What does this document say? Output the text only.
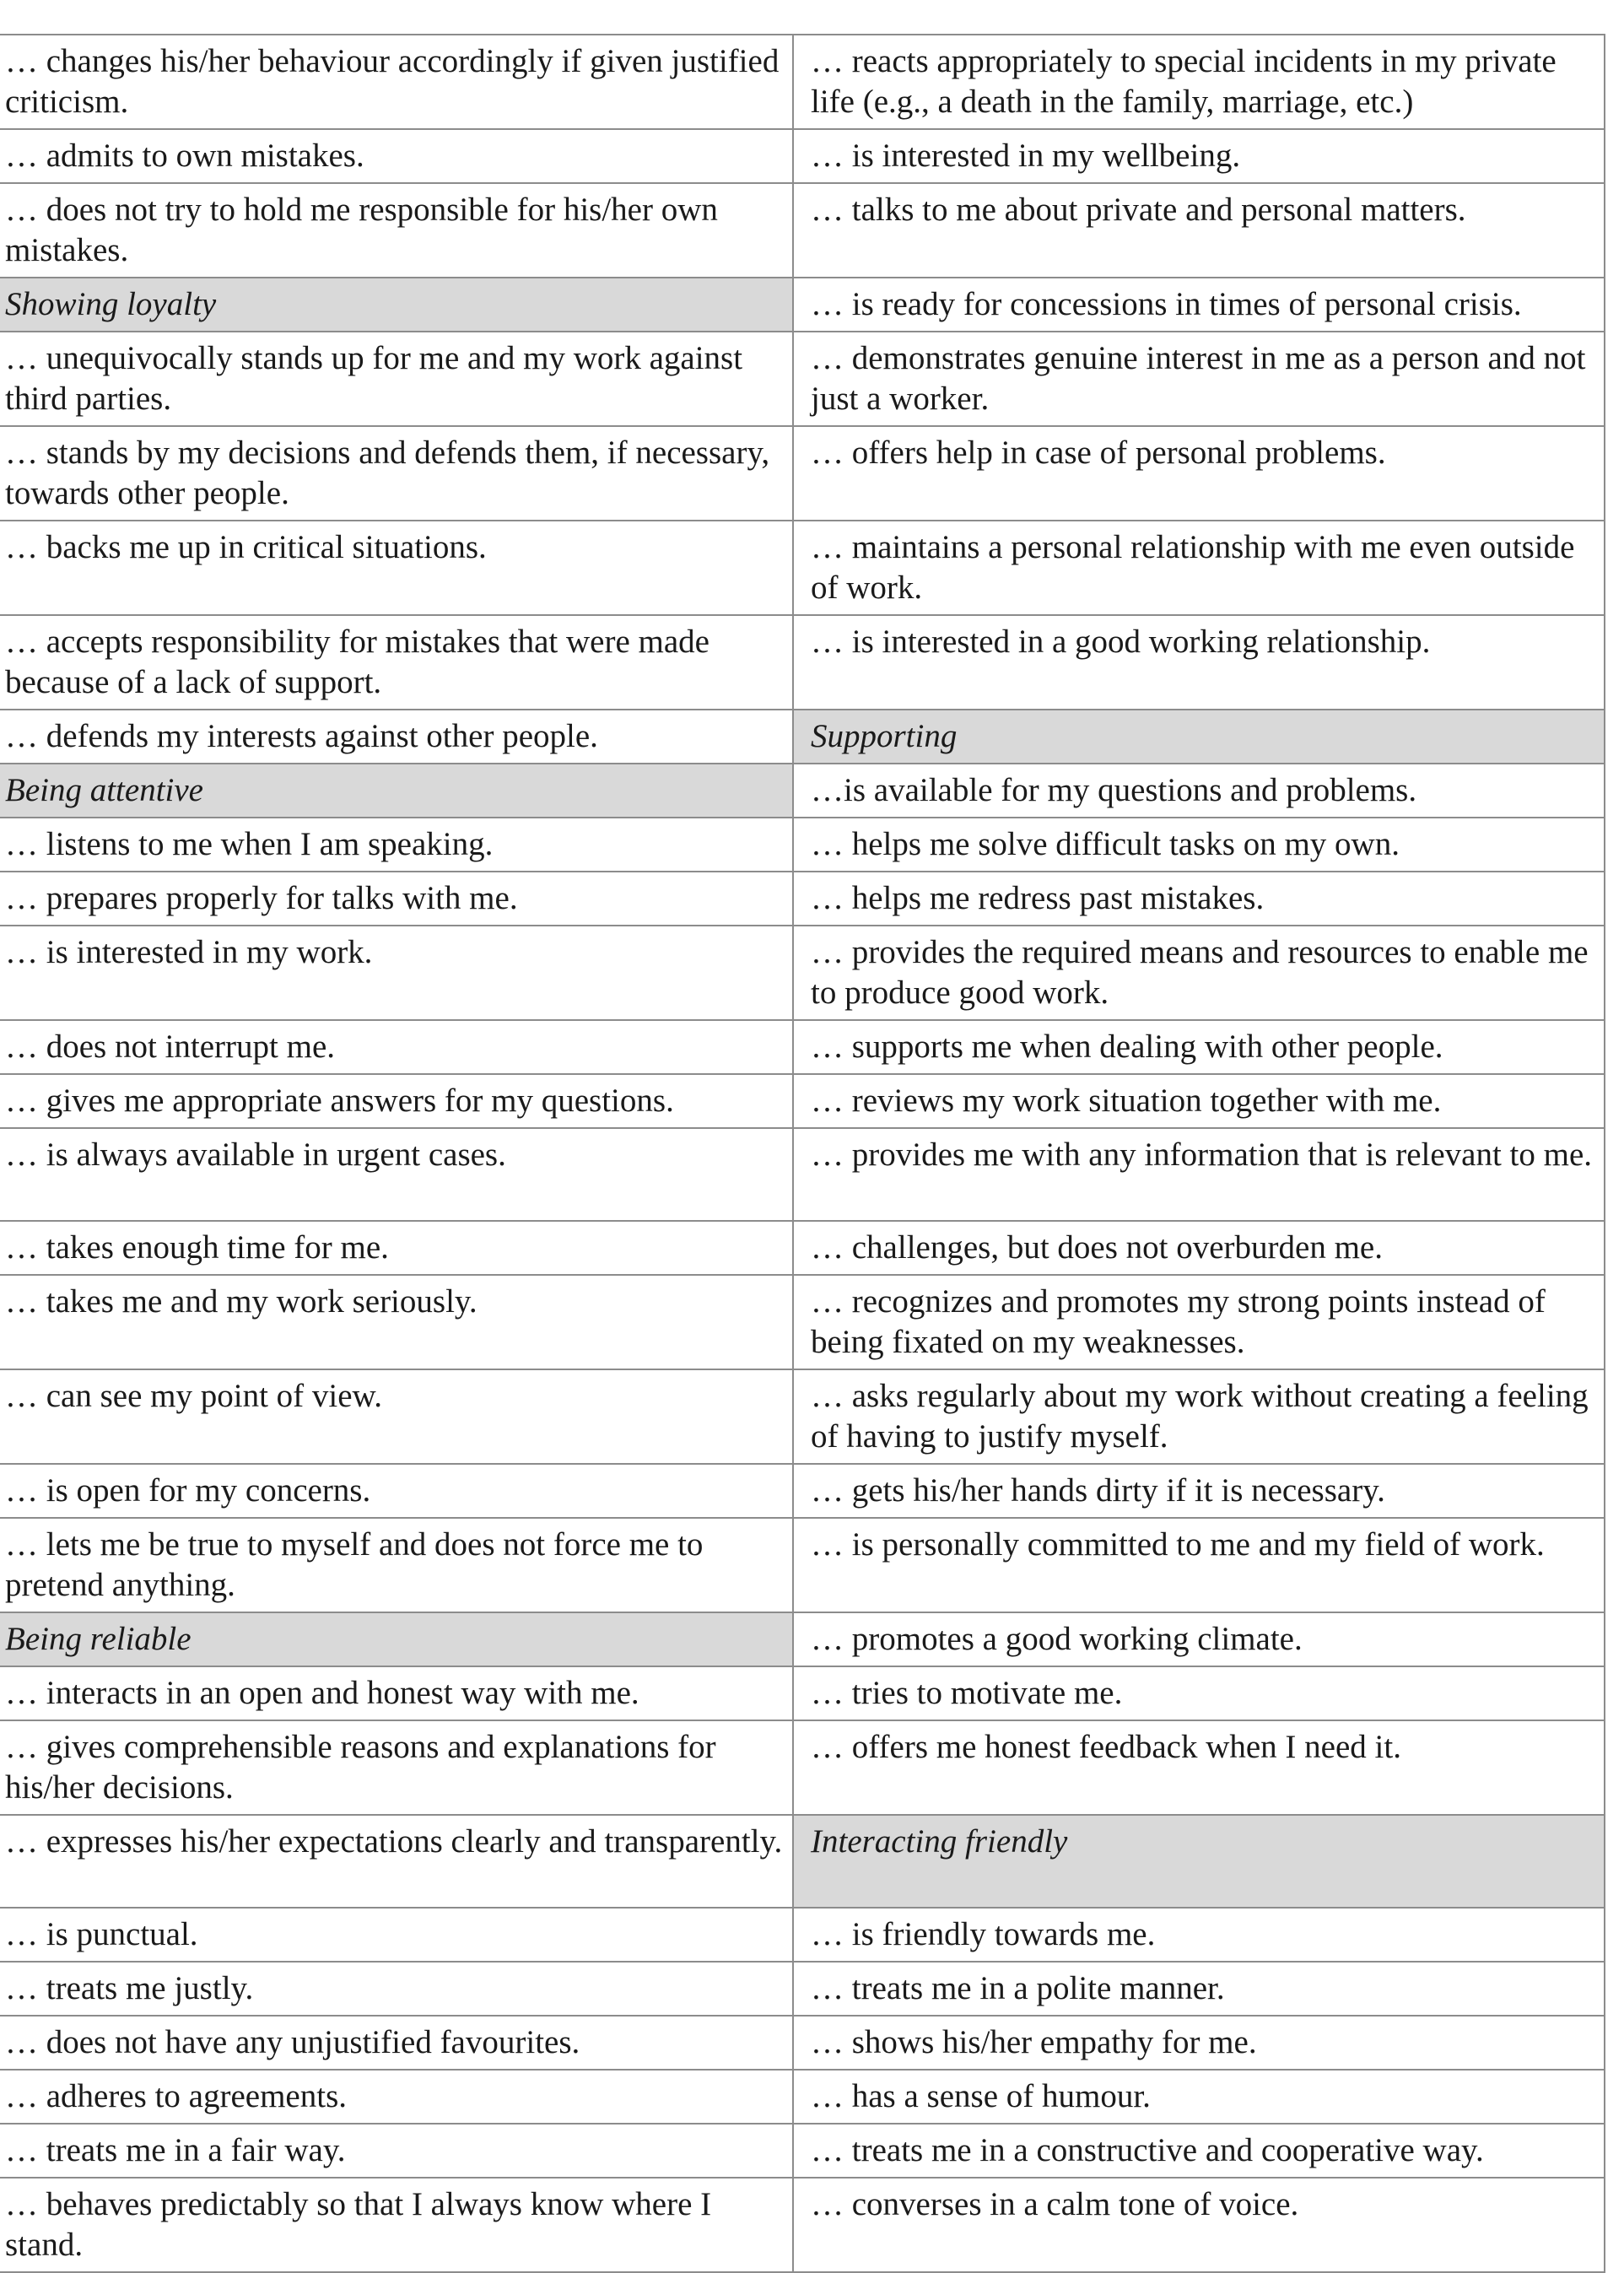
… changes his/her behaviour accordingly if given justified criticism.	… reacts appropriately to special incidents in my private life (e.g., a death in the family, marriage, etc.)
… admits to own mistakes.	… is interested in my wellbeing.
… does not try to hold me responsible for his/her own mistakes.	… talks to me about private and personal matters.
Showing loyalty	… is ready for concessions in times of personal crisis.
… unequivocally stands up for me and my work against third parties.	… demonstrates genuine interest in me as a person and not just a worker.
… stands by my decisions and defends them, if necessary, towards other people.	… offers help in case of personal problems.
… backs me up in critical situations.	… maintains a personal relationship with me even outside of work.
… accepts responsibility for mistakes that were made because of a lack of support.	… is interested in a good working relationship.
… defends my interests against other people.	Supporting
Being attentive	…is available for my questions and problems.
… listens to me when I am speaking.	… helps me solve difficult tasks on my own.
… prepares properly for talks with me.	… helps me redress past mistakes.
… is interested in my work.	… provides the required means and resources to enable me to produce good work.
… does not interrupt me.	… supports me when dealing with other people.
… gives me appropriate answers for my questions.	… reviews my work situation together with me.
… is always available in urgent cases.	… provides me with any information that is relevant to me.
… takes enough time for me.	… challenges, but does not overburden me.
… takes me and my work seriously.	… recognizes and promotes my strong points instead of being fixated on my weaknesses.
… can see my point of view.	… asks regularly about my work without creating a feeling of having to justify myself.
… is open for my concerns.	… gets his/her hands dirty if it is necessary.
… lets me be true to myself and does not force me to pretend anything.	… is personally committed to me and my field of work.
Being reliable	… promotes a good working climate.
… interacts in an open and honest way with me.	… tries to motivate me.
… gives comprehensible reasons and explanations for his/her decisions.	… offers me honest feedback when I need it.
… expresses his/her expectations clearly and transparently.	Interacting friendly
… is punctual.	… is friendly towards me.
… treats me justly.	… treats me in a polite manner.
… does not have any unjustified favourites.	… shows his/her empathy for me.
… adheres to agreements.	… has a sense of humour.
… treats me in a fair way.	… treats me in a constructive and cooperative way.
… behaves predictably so that I always know where I stand.	… converses in a calm tone of voice.
